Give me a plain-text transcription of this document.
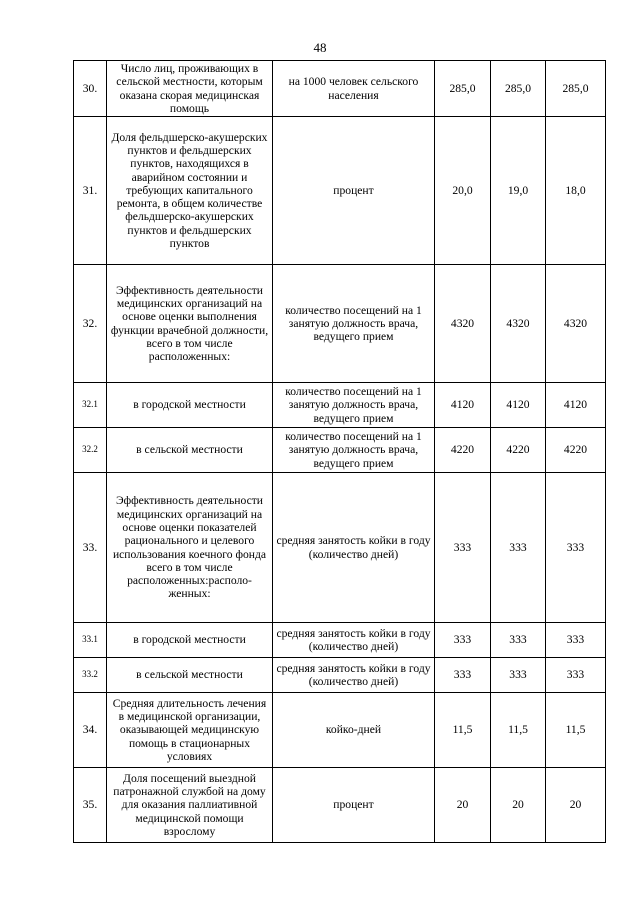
48
30.	Число лиц, проживающих в сельской местности, которым оказана скорая медицинская помощь	на 1000 человек сельского населения	285,0	285,0	285,0
31.	Доля фельдшерско-акушерских пунктов и фельдшерских пунктов, находящихся в аварийном состоянии и требующих капитального ремонта, в общем количестве фельдшерско-акушерских пунктов и фельдшерских пунктов	процент	20,0	19,0	18,0
32.	Эффективность деятельности медицинских организаций на основе оценки выполнения функции врачебной должности, всего в том числе расположенных:	количество посещений на 1 занятую должность врача, ведущего прием	4320	4320	4320
32.1	в городской местности	количество посещений на 1 занятую должность врача, ведущего прием	4120	4120	4120
32.2	в сельской местности	количество посещений на 1 занятую должность врача, ведущего прием	4220	4220	4220
33.	Эффективность деятельности медицинских организаций на основе оценки показателей рационального и целевого использования коечного фонда всего в том числе расположенных:располо-женных:	средняя занятость койки в году (количество дней)	333	333	333
33.1	в городской местности	средняя занятость койки в году (количество дней)	333	333	333
33.2	в сельской местности	средняя занятость койки в году (количество дней)	333	333	333
34.	Средняя длительность лечения в медицинской организации, оказывающей медицинскую помощь в стационарных условиях	койко-дней	11,5	11,5	11,5
35.	Доля посещений выездной патронажной службой на дому для оказания паллиативной медицинской помощи взрослому	процент	20	20	20
